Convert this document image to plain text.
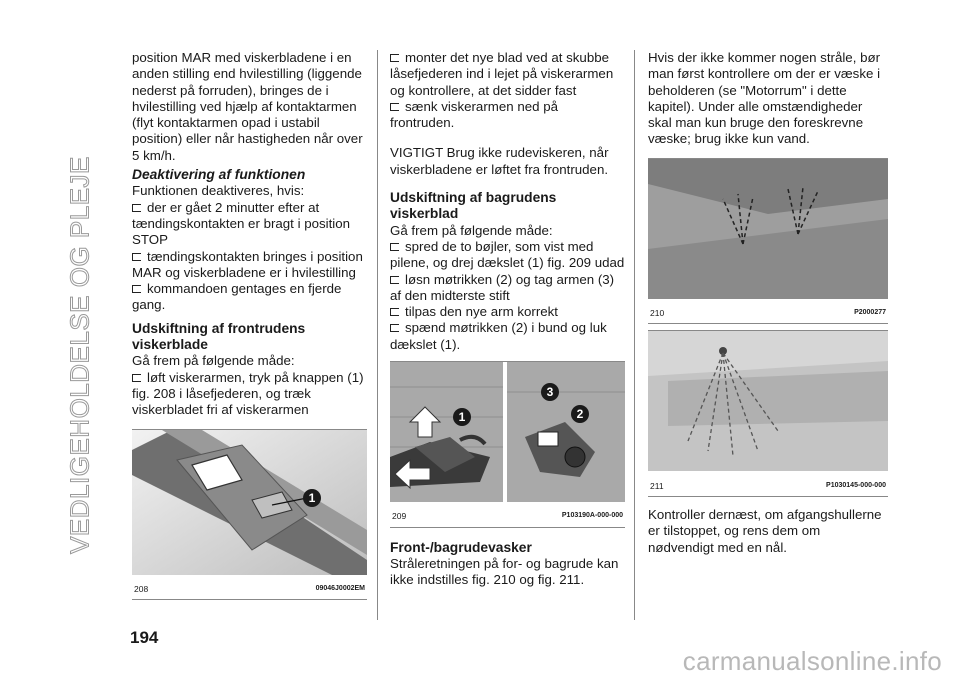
VEDLIGEHOLDELSE OG PLEJE

position MAR med viskerbladene i en anden stilling end hvilestilling (liggende nederst på forruden), bringes de i hvilestilling ved hjælp af kontaktarmen (flyt kontaktarmen opad i ustabil position) eller når hastigheden når over 5 km/h.

Deaktivering af funktionen

Funktionen deaktiveres, hvis:

der er gået 2 minutter efter at tændingskontakten er bragt i position STOP

tændingskontakten bringes i position MAR og viskerbladene er i hvilestilling

kommandoen gentages en fjerde gang.

Udskiftning af frontrudens viskerblade

Gå frem på følgende måde:

løft viskerarmen, tryk på knappen (1) fig. 208 i låsefjederen, og træk viskerbladet fri af viskerarmen

1
208	09046J0002EM

monter det nye blad ved at skubbe låsefjederen ind i lejet på viskerarmen og kontrollere, at det sidder fast

sænk viskerarmen ned på frontruden.

VIGTIGT Brug ikke rudeviskeren, når viskerbladene er løftet fra frontruden.

Udskiftning af bagrudens viskerblad

Gå frem på følgende måde:

spred de to bøjler, som vist med pilene, og drej dækslet (1) fig. 209 udad

løsn møtrikken (2) og tag armen (3) af den midterste stift

tilpas den nye arm korrekt

spænd møtrikken (2) i bund og luk dækslet (1).

1
3
2
209	P103190A-000-000
Front-/bagrudevasker

Stråleretningen på for- og bagrude kan ikke indstilles fig. 210 og fig. 211.

Hvis der ikke kommer nogen stråle, bør man først kontrollere om der er væske i beholderen (se "Motorrum" i dette kapitel). Under alle omstændigheder skal man kun bruge den foreskrevne væske; brug ikke kun vand.

210	P2000277
211	P1030145-000-000

Kontroller dernæst, om afgangshullerne er tilstoppet, og rens dem om nødvendigt med en nål.

194
carmanualsonline.info
